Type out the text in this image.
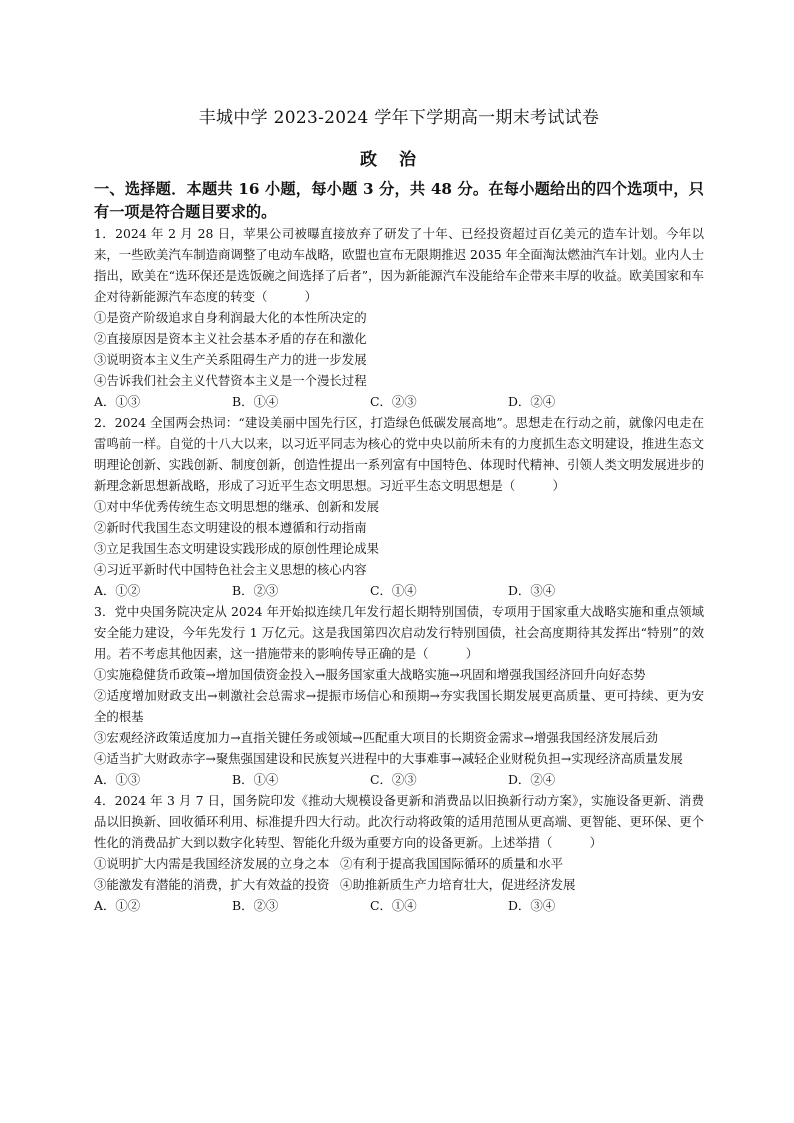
丰城中学 2023-2024 学年下学期高一期末考试试卷
政治
一、选择题．本题共 16 小题，每小题 3 分，共 48 分。在每小题给出的四个选项中，只有一项是符合题目要求的。

1．2024 年 2 月 28 日，苹果公司被曝直接放弃了研发了十年、已经投资超过百亿美元的造车计划。今年以来，一些欧美汽车制造商调整了电动车战略，欧盟也宣布无限期推迟 2035 年全面淘汰燃油汽车计划。业内人士指出，欧美在“选环保还是选饭碗之间选择了后者”，因为新能源汽车没能给车企带来丰厚的收益。欧美国家和车企对待新能源汽车态度的转变（　　　）

①是资产阶级追求自身利润最大化的本性所决定的

②直接原因是资本主义社会基本矛盾的存在和激化

③说明资本主义生产关系阻碍生产力的进一步发展

④告诉我们社会主义代替资本主义是一个漫长过程

A．①③	B．①④	C．②③	D．②④

2．2024 全国两会热词：“建设美丽中国先行区，打造绿色低碳发展高地”。思想走在行动之前，就像闪电走在雷鸣前一样。自觉的十八大以来，以习近平同志为核心的党中央以前所未有的力度抓生态文明建设，推进生态文明理论创新、实践创新、制度创新，创造性提出一系列富有中国特色、体现时代精神、引领人类文明发展进步的新理念新思想新战略，形成了习近平生态文明思想。习近平生态文明思想是（　　　）

①对中华优秀传统生态文明思想的继承、创新和发展

②新时代我国生态文明建设的根本遵循和行动指南

③立足我国生态文明建设实践形成的原创性理论成果

④习近平新时代中国特色社会主义思想的核心内容

A．①②	B．②③	C．①④	D．③④

3．党中央国务院决定从 2024 年开始拟连续几年发行超长期特别国债，专项用于国家重大战略实施和重点领域安全能力建设，今年先发行 1 万亿元。这是我国第四次启动发行特别国债，社会高度期待其发挥出“特别”的效用。若不考虑其他因素，这一措施带来的影响传导正确的是（　　　）

①实施稳健货币政策→增加国债资金投入→服务国家重大战略实施→巩固和增强我国经济回升向好态势

②适度增加财政支出→刺激社会总需求→提振市场信心和预期→夯实我国长期发展更高质量、更可持续、更为安全的根基

③宏观经济政策适度加力→直指关键任务或领域→匹配重大项目的长期资金需求→增强我国经济发展后劲

④适当扩大财政赤字→聚焦强国建设和民族复兴进程中的大事难事→减轻企业财税负担→实现经济高质量发展

A．①③	B．①④	C．②③	D．②④

4．2024 年 3 月 7 日，国务院印发《推动大规模设备更新和消费品以旧换新行动方案》，实施设备更新、消费品以旧换新、回收循环利用、标准提升四大行动。此次行动将政策的适用范围从更高端、更智能、更环保、更个性化的消费品扩大到以数字化转型、智能化升级为重要方向的设备更新。上述举措（　　　）

①说明扩大内需是我国经济发展的立身之本 ②有利于提高我国国际循环的质量和水平
③能激发有潜能的消费，扩大有效益的投资 ④助推新质生产力培育壮大，促进经济发展
A．①②	B．②③	C．①④	D．③④
